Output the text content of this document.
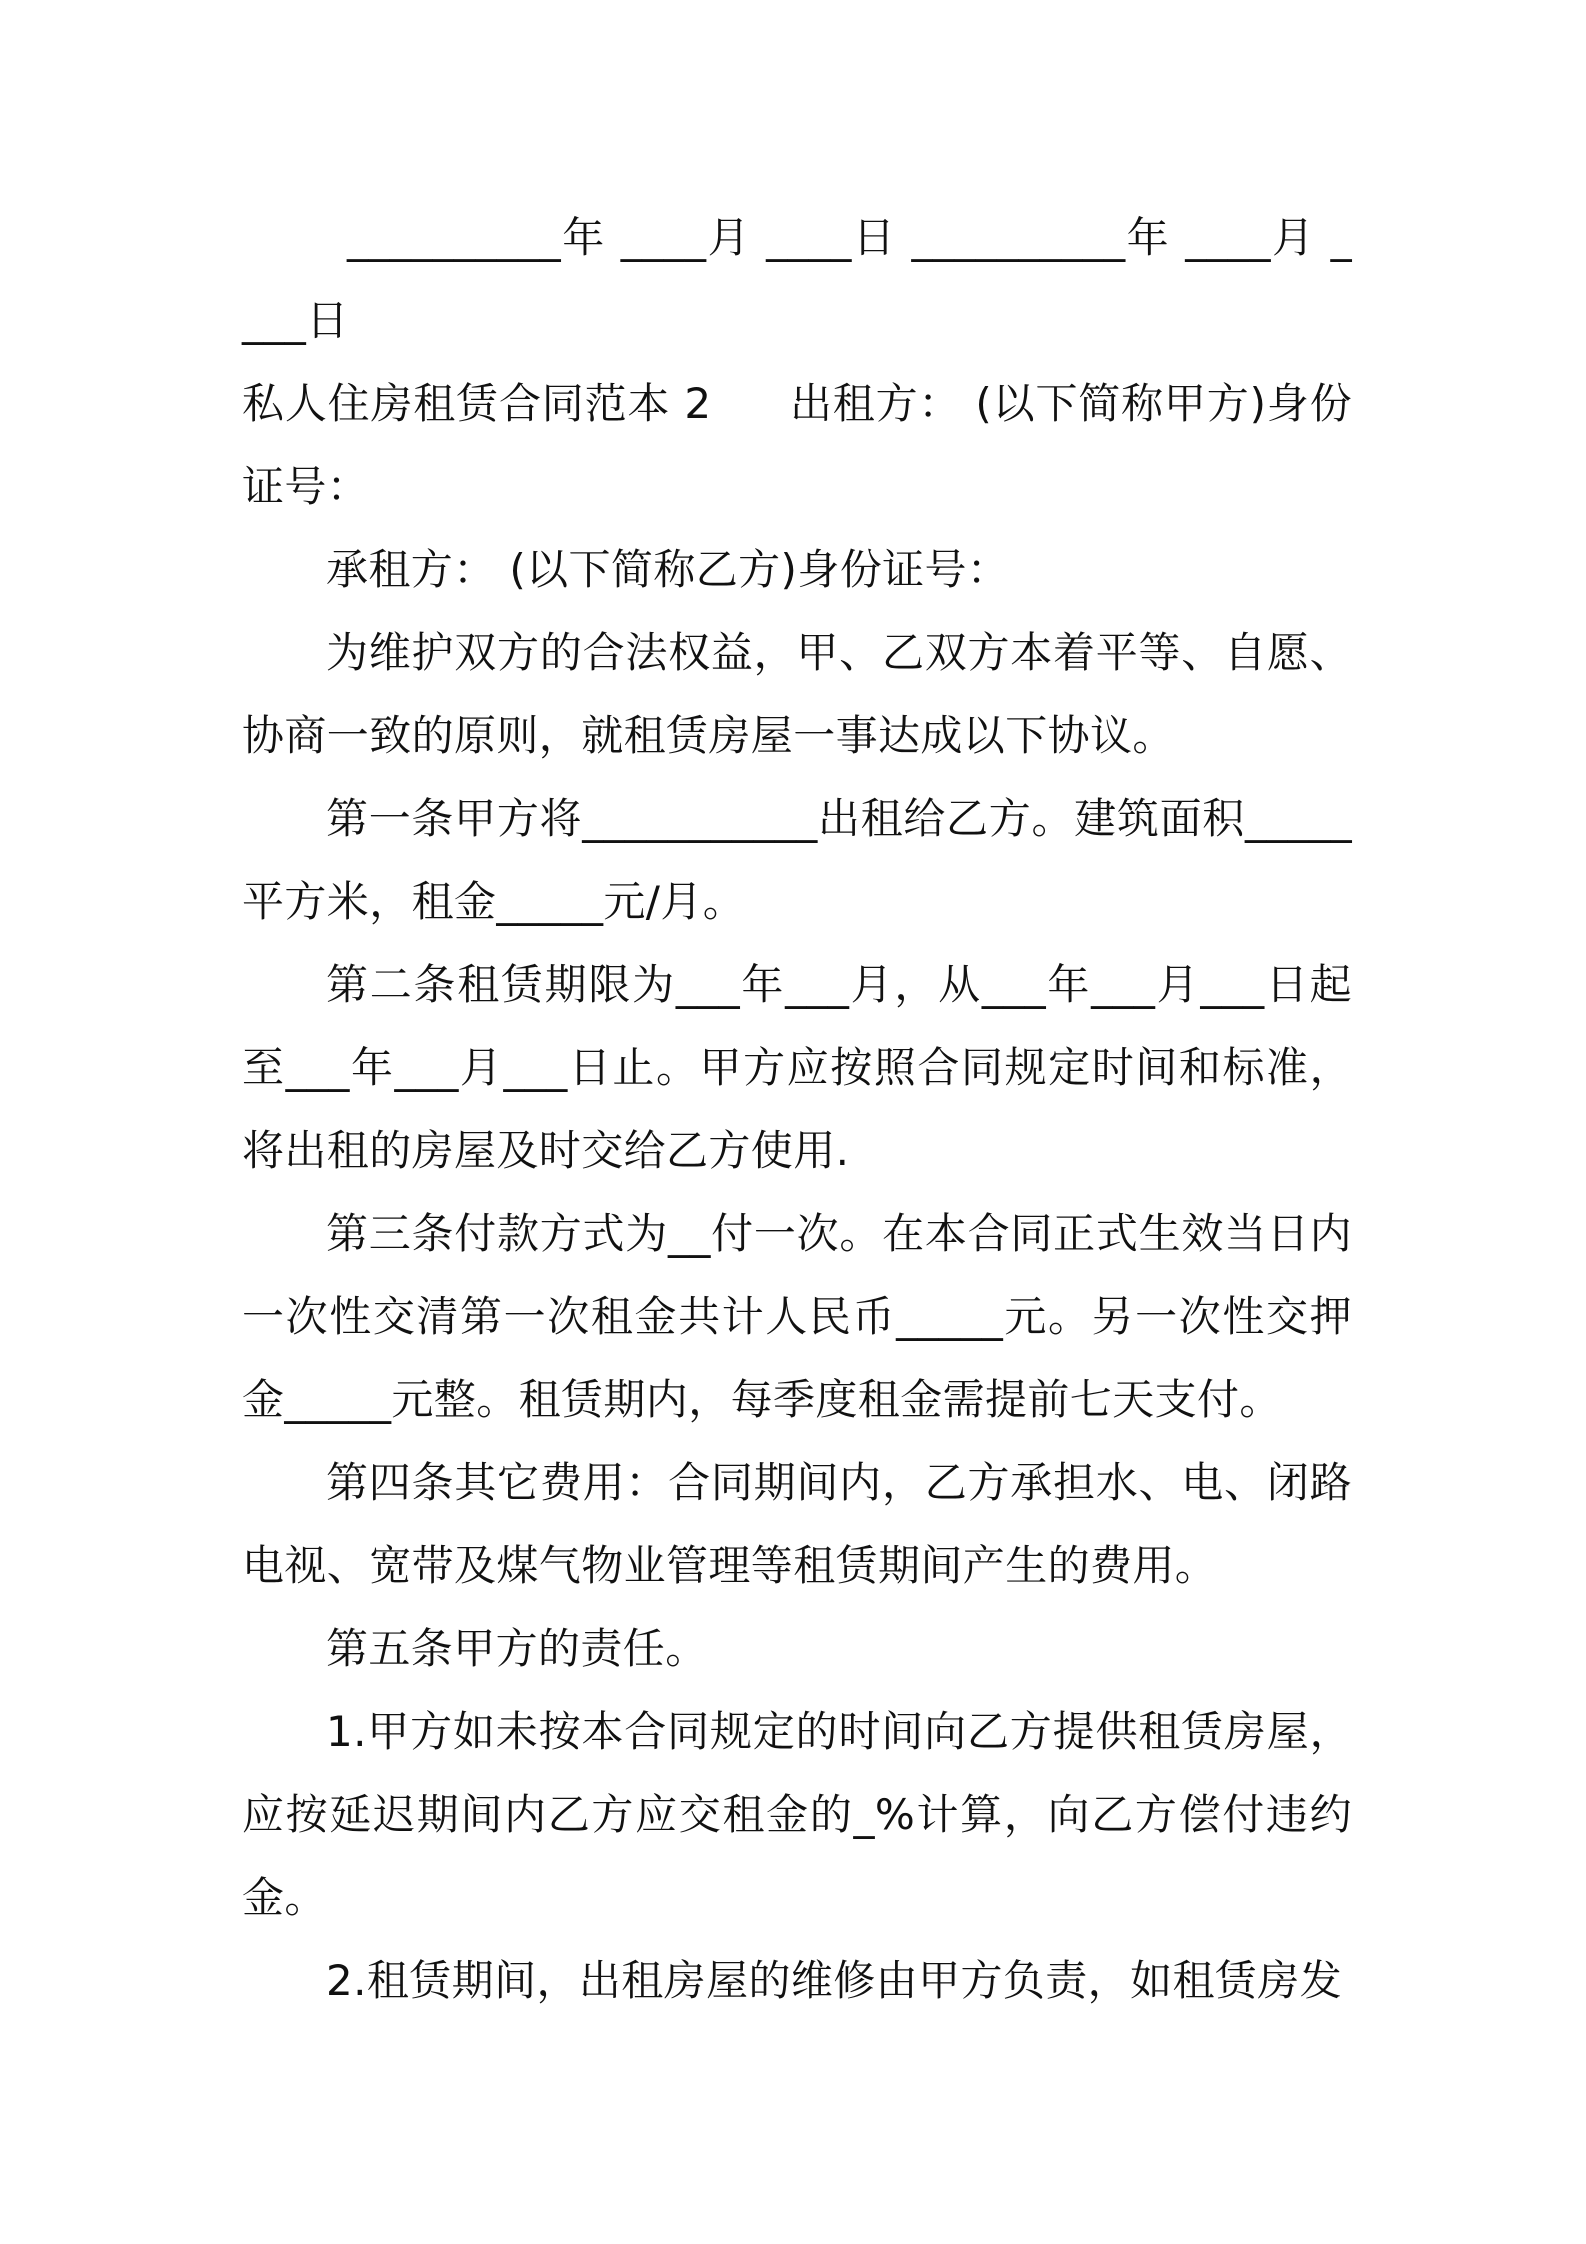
__________年 ____月 ____日 __________年 ____月 ____日

私人住房租赁合同范本 2 出租方： (以下简称甲方)身份证号：

承租方： (以下简称乙方)身份证号：

为维护双方的合法权益，甲、乙双方本着平等、自愿、协商一致的原则，就租赁房屋一事达成以下协议。

第一条甲方将___________出租给乙方。建筑面积_____平方米，租金_____元/月。

第二条租赁期限为___年___月，从___年___月___日起至___年___月___日止。甲方应按照合同规定时间和标准，将出租的房屋及时交给乙方使用.

第三条付款方式为__付一次。在本合同正式生效当日内一次性交清第一次租金共计人民币_____元。另一次性交押金_____元整。租赁期内，每季度租金需提前七天支付。

第四条其它费用：合同期间内，乙方承担水、电、闭路电视、宽带及煤气物业管理等租赁期间产生的费用。

第五条甲方的责任。

1.甲方如未按本合同规定的时间向乙方提供租赁房屋，应按延迟期间内乙方应交租金的_%计算，向乙方偿付违约金。

2.租赁期间，出租房屋的维修由甲方负责，如租赁房发
